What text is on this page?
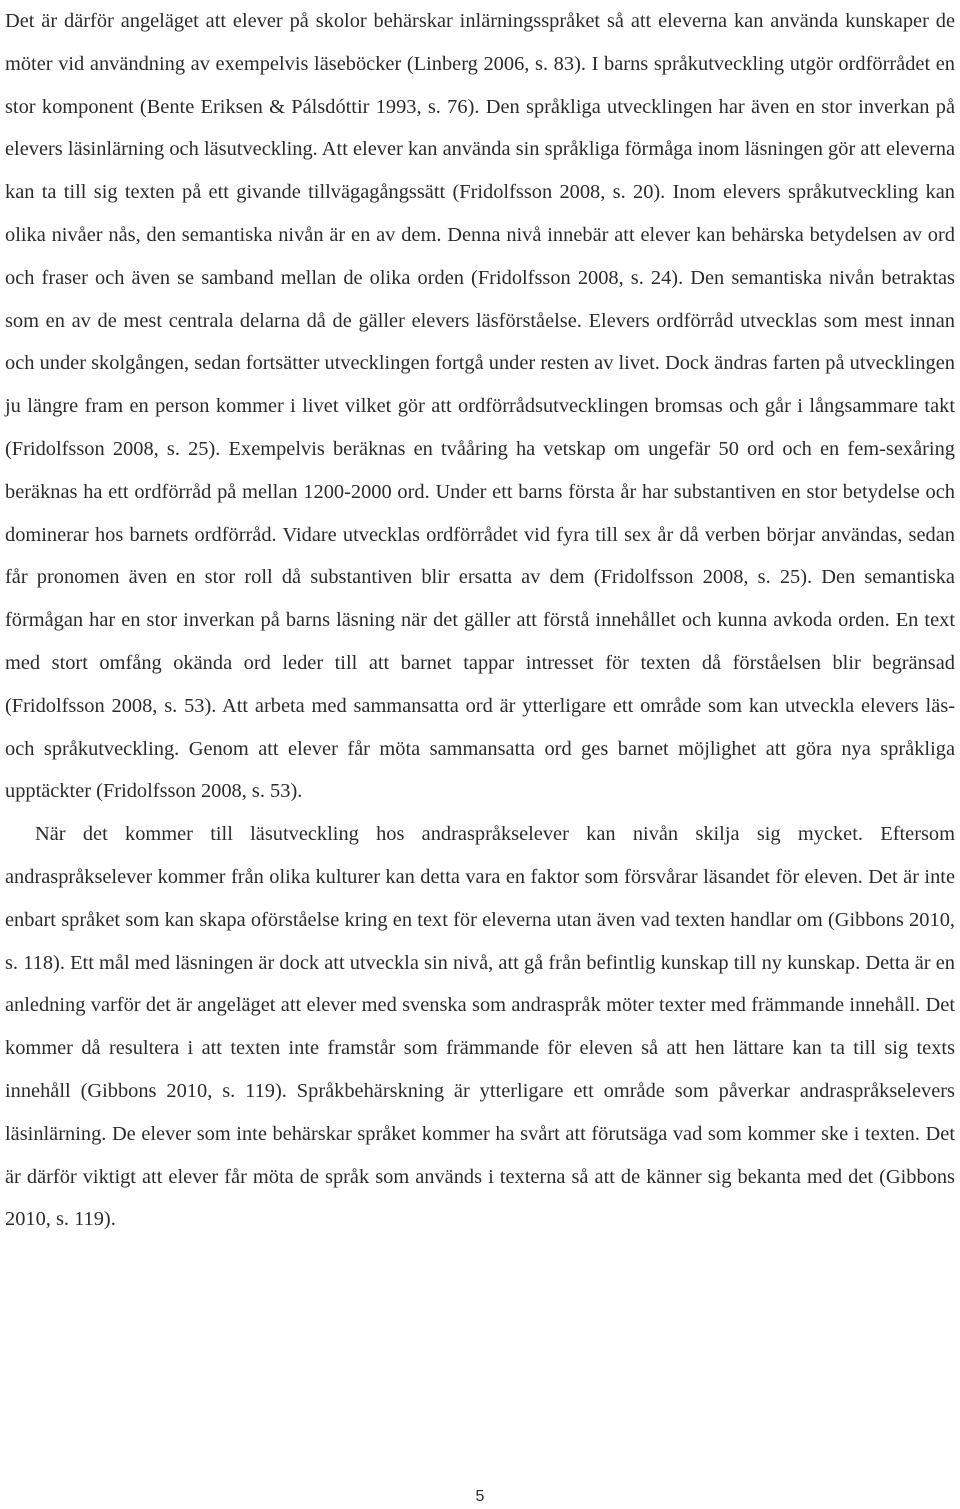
Det är därför angeläget att elever på skolor behärskar inlärningsspråket så att eleverna kan använda kunskaper de möter vid användning av exempelvis läseböcker (Linberg 2006, s. 83). I barns språkutveckling utgör ordförrådet en stor komponent (Bente Eriksen & Pálsdóttir 1993, s. 76). Den språkliga utvecklingen har även en stor inverkan på elevers läsinlärning och läsutveckling. Att elever kan använda sin språkliga förmåga inom läsningen gör att eleverna kan ta till sig texten på ett givande tillvägagångssätt (Fridolfsson 2008, s. 20). Inom elevers språkutveckling kan olika nivåer nås, den semantiska nivån är en av dem. Denna nivå innebär att elever kan behärska betydelsen av ord och fraser och även se samband mellan de olika orden (Fridolfsson 2008, s. 24). Den semantiska nivån betraktas som en av de mest centrala delarna då de gäller elevers läsförståelse. Elevers ordförråd utvecklas som mest innan och under skolgången, sedan fortsätter utvecklingen fortgå under resten av livet. Dock ändras farten på utvecklingen ju längre fram en person kommer i livet vilket gör att ordförrådsutvecklingen bromsas och går i långsammare takt (Fridolfsson 2008, s. 25). Exempelvis beräknas en tvååring ha vetskap om ungefär 50 ord och en fem-sexåring beräknas ha ett ordförråd på mellan 1200-2000 ord. Under ett barns första år har substantiven en stor betydelse och dominerar hos barnets ordförråd. Vidare utvecklas ordförrådet vid fyra till sex år då verben börjar användas, sedan får pronomen även en stor roll då substantiven blir ersatta av dem (Fridolfsson 2008, s. 25). Den semantiska förmågan har en stor inverkan på barns läsning när det gäller att förstå innehållet och kunna avkoda orden. En text med stort omfång okända ord leder till att barnet tappar intresset för texten då förståelsen blir begränsad (Fridolfsson 2008, s. 53). Att arbeta med sammansatta ord är ytterligare ett område som kan utveckla elevers läs- och språkutveckling. Genom att elever får möta sammansatta ord ges barnet möjlighet att göra nya språkliga upptäckter (Fridolfsson 2008, s. 53).

När det kommer till läsutveckling hos andraspråkselever kan nivån skilja sig mycket. Eftersom andraspråkselever kommer från olika kulturer kan detta vara en faktor som försvårar läsandet för eleven. Det är inte enbart språket som kan skapa oförståelse kring en text för eleverna utan även vad texten handlar om (Gibbons 2010, s. 118). Ett mål med läsningen är dock att utveckla sin nivå, att gå från befintlig kunskap till ny kunskap. Detta är en anledning varför det är angeläget att elever med svenska som andraspråk möter texter med främmande innehåll. Det kommer då resultera i att texten inte framstår som främmande för eleven så att hen lättare kan ta till sig texts innehåll (Gibbons 2010, s. 119). Språkbehärskning är ytterligare ett område som påverkar andraspråkselevers läsinlärning. De elever som inte behärskar språket kommer ha svårt att förutsäga vad som kommer ske i texten. Det är därför viktigt att elever får möta de språk som används i texterna så att de känner sig bekanta med det (Gibbons 2010, s. 119).

5
